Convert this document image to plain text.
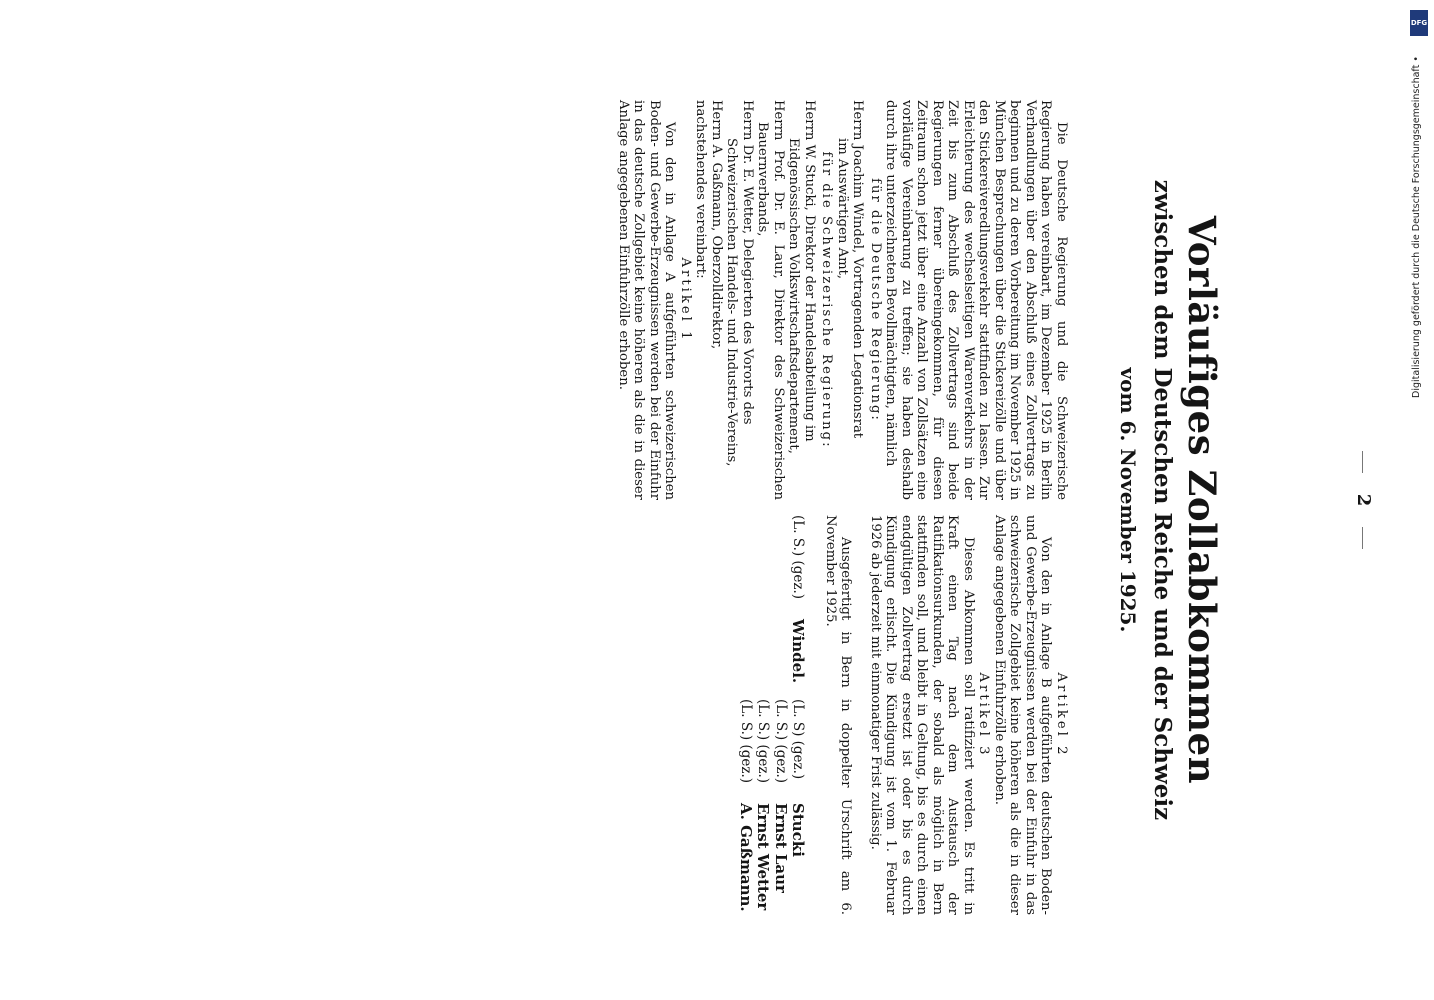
2
Vorläufiges Zollabkommen
zwischen dem Deutschen Reiche und der Schweiz
vom 6. November 1925.

Die Deutsche Regierung und die Schweizerische Regierung haben vereinbart, im Dezember 1925 in Berlin Verhandlungen über den Abschluß eines Zollvertrags zu beginnen und zu deren Vorbereitung im November 1925 in München Besprechungen über die Stickereizölle und über den Stickereiveredlungsverkehr stattfinden zu lassen. Zur Erleichterung des wechselseitigen Warenverkehrs in der Zeit bis zum Abschluß des Zollvertrags sind beide Regierungen ferner übereingekommen, für diesen Zeitraum schon jetzt über eine Anzahl von Zollsätzen eine vorläufige Vereinbarung zu treffen; sie haben deshalb durch ihre unterzeichneten Bevollmächtigten, nämlich

für die Deutsche Regierung:

Herrn Joachim Windel, Vortragenden Legationsrat
im Auswärtigen Amt,

für die Schweizerische Regierung:

Herrn W. Stucki, Direktor der Handelsabteilung im
Eidgenössischen Volkswirtschaftsdepartement,
Herrn Prof. Dr. E. Laur, Direktor des Schweizerischen Bauernverbands,
Herrn Dr. E. Wetter, Delegierten des Vororts des
Schweizerischen Handels- und Industrie-Vereins,
Herrn A. Gaßmann, Oberzolldirektor,

nachstehendes vereinbart:

Artikel 1

Von den in Anlage A aufgeführten schweizerischen Boden- und Gewerbe-Erzeugnissen werden bei der Einfuhr in das deutsche Zollgebiet keine höheren als die in dieser Anlage angegebenen Einfuhrzölle erhoben.

Artikel 2

Von den in Anlage B aufgeführten deutschen Boden- und Gewerbe-Erzeugnissen werden bei der Einfuhr in das schweizerische Zollgebiet keine höheren als die in dieser Anlage angegebenen Einfuhrzölle erhoben.

Artikel 3

Dieses Abkommen soll ratifiziert werden. Es tritt in Kraft einen Tag nach dem Austausch der Ratifikationsurkunden, der sobald als möglich in Bern stattfinden soll, und bleibt in Geltung, bis es durch einen endgültigen Zollvertrag ersetzt ist oder bis es durch Kündigung erlischt. Die Kündigung ist vom 1. Februar 1926 ab jederzeit mit einmonatiger Frist zulässig.

Ausgefertigt in Bern in doppelter Urschrift am 6. November 1925.

(L. S.) (gez.)	Windel.	(L. S) (gez.)	Stucki
		(L. S.) (gez.)	Ernst Laur
		(L. S.) (gez.)	Ernst Wetter
		(L. S.) (gez.)	A. Gaßmann.
DFG
Digitalisierung gefördert durch die Deutsche Forschungsgemeinschaft •
